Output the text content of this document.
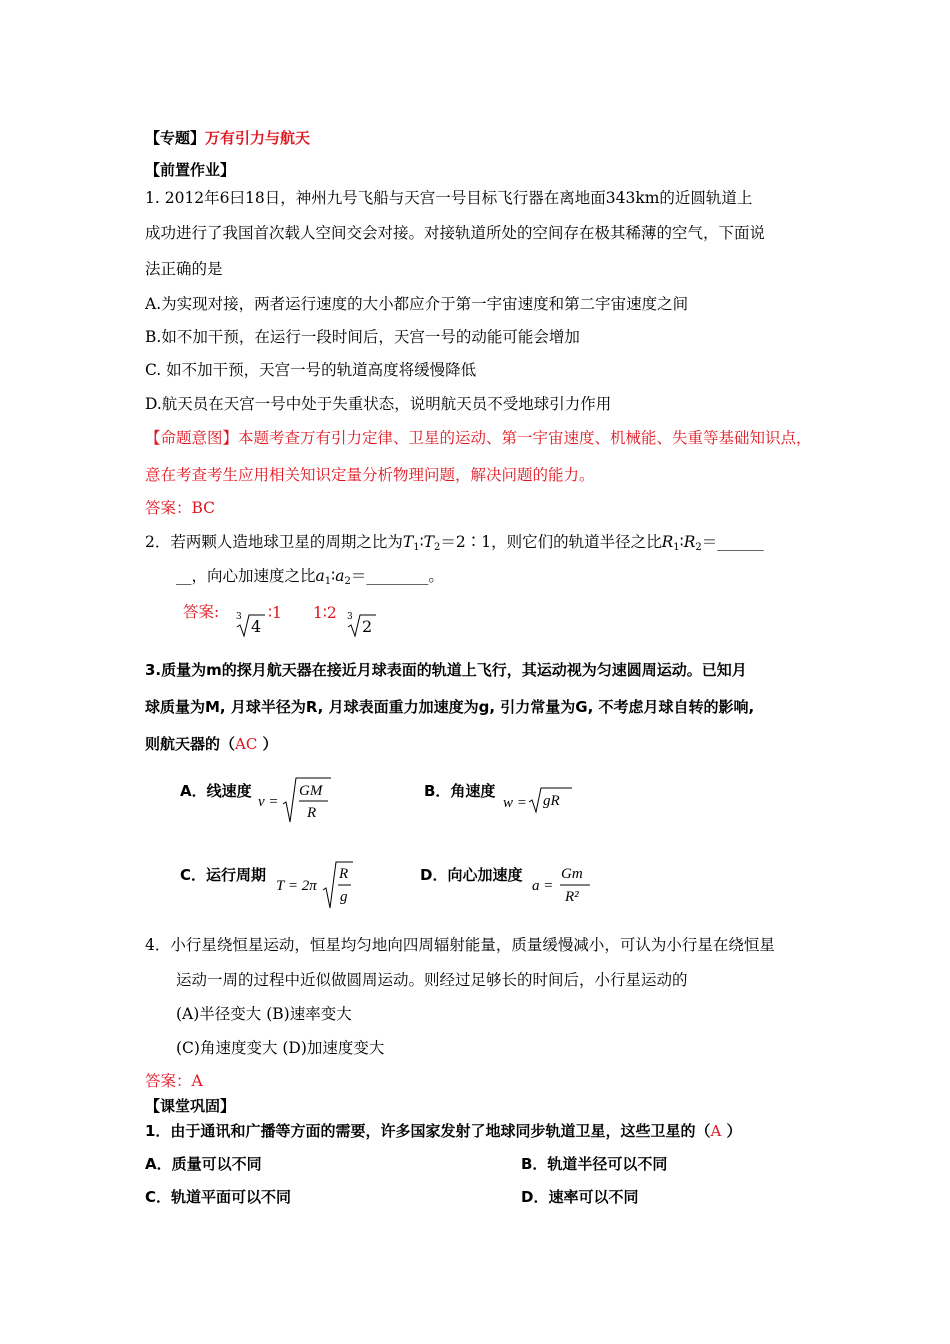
【专题】万有引力与航天
【前置作业】
1. 2012年6曰18日，神州九号飞船与天宫一号目标飞行器在离地面343km的近圆轨道上
成功进行了我国首次载人空间交会对接。对接轨道所处的空间存在极其稀薄的空气，下面说
法正确的是
A.为实现对接，两者运行速度的大小都应介于第一宇宙速度和第二宇宙速度之间
B.如不加干预，在运行一段时间后，天宫一号的动能可能会增加
C. 如不加干预，天宫一号的轨道高度将缓慢降低
D.航天员在天宫一号中处于失重状态，说明航天员不受地球引力作用
【命题意图】本题考查万有引力定律、卫星的运动、第一宇宙速度、机械能、失重等基础知识点，
意在考查考生应用相关知识定量分析物理问题，解决问题的能力。
答案：BC
2．若两颗人造地球卫星的周期之比为$T_1∶T_2=2∶1$，则它们的轨道半径之比$R_1∶R_2=\_\_\_\_\_\_$
__，向心加速度之比$a_1∶a_2=\_\_\_\_\_\_\_\_$。
答案: 3 4
∶1 1∶2 3 2
3.质量为m的探月航天器在接近月球表面的轨道上飞行，其运动视为匀速圆周运动。已知月
球质量为M, 月球半径为R, 月球表面重力加速度为g, 引力常量为G, 不考虑月球自转的影响,
则航天器的（AC ）
A．线速度
v =
GM
R
B．角速度
w = gR
C．运行周期
T = 2π
R
g
D．向心加速度
a =
Gm
R²
4．小行星绕恒星运动，恒星均匀地向四周辐射能量，质量缓慢减小，可认为小行星在绕恒星
运动一周的过程中近似做圆周运动。则经过足够长的时间后，小行星运动的
(A)半径变大 (B)速率变大
(C)角速度变大 (D)加速度变大
答案：A
【课堂巩固】
1．由于通讯和广播等方面的需要，许多国家发射了地球同步轨道卫星，这些卫星的（A ）
A．质量可以不同	B．轨道半径可以不同
C．轨道平面可以不同	D．速率可以不同
